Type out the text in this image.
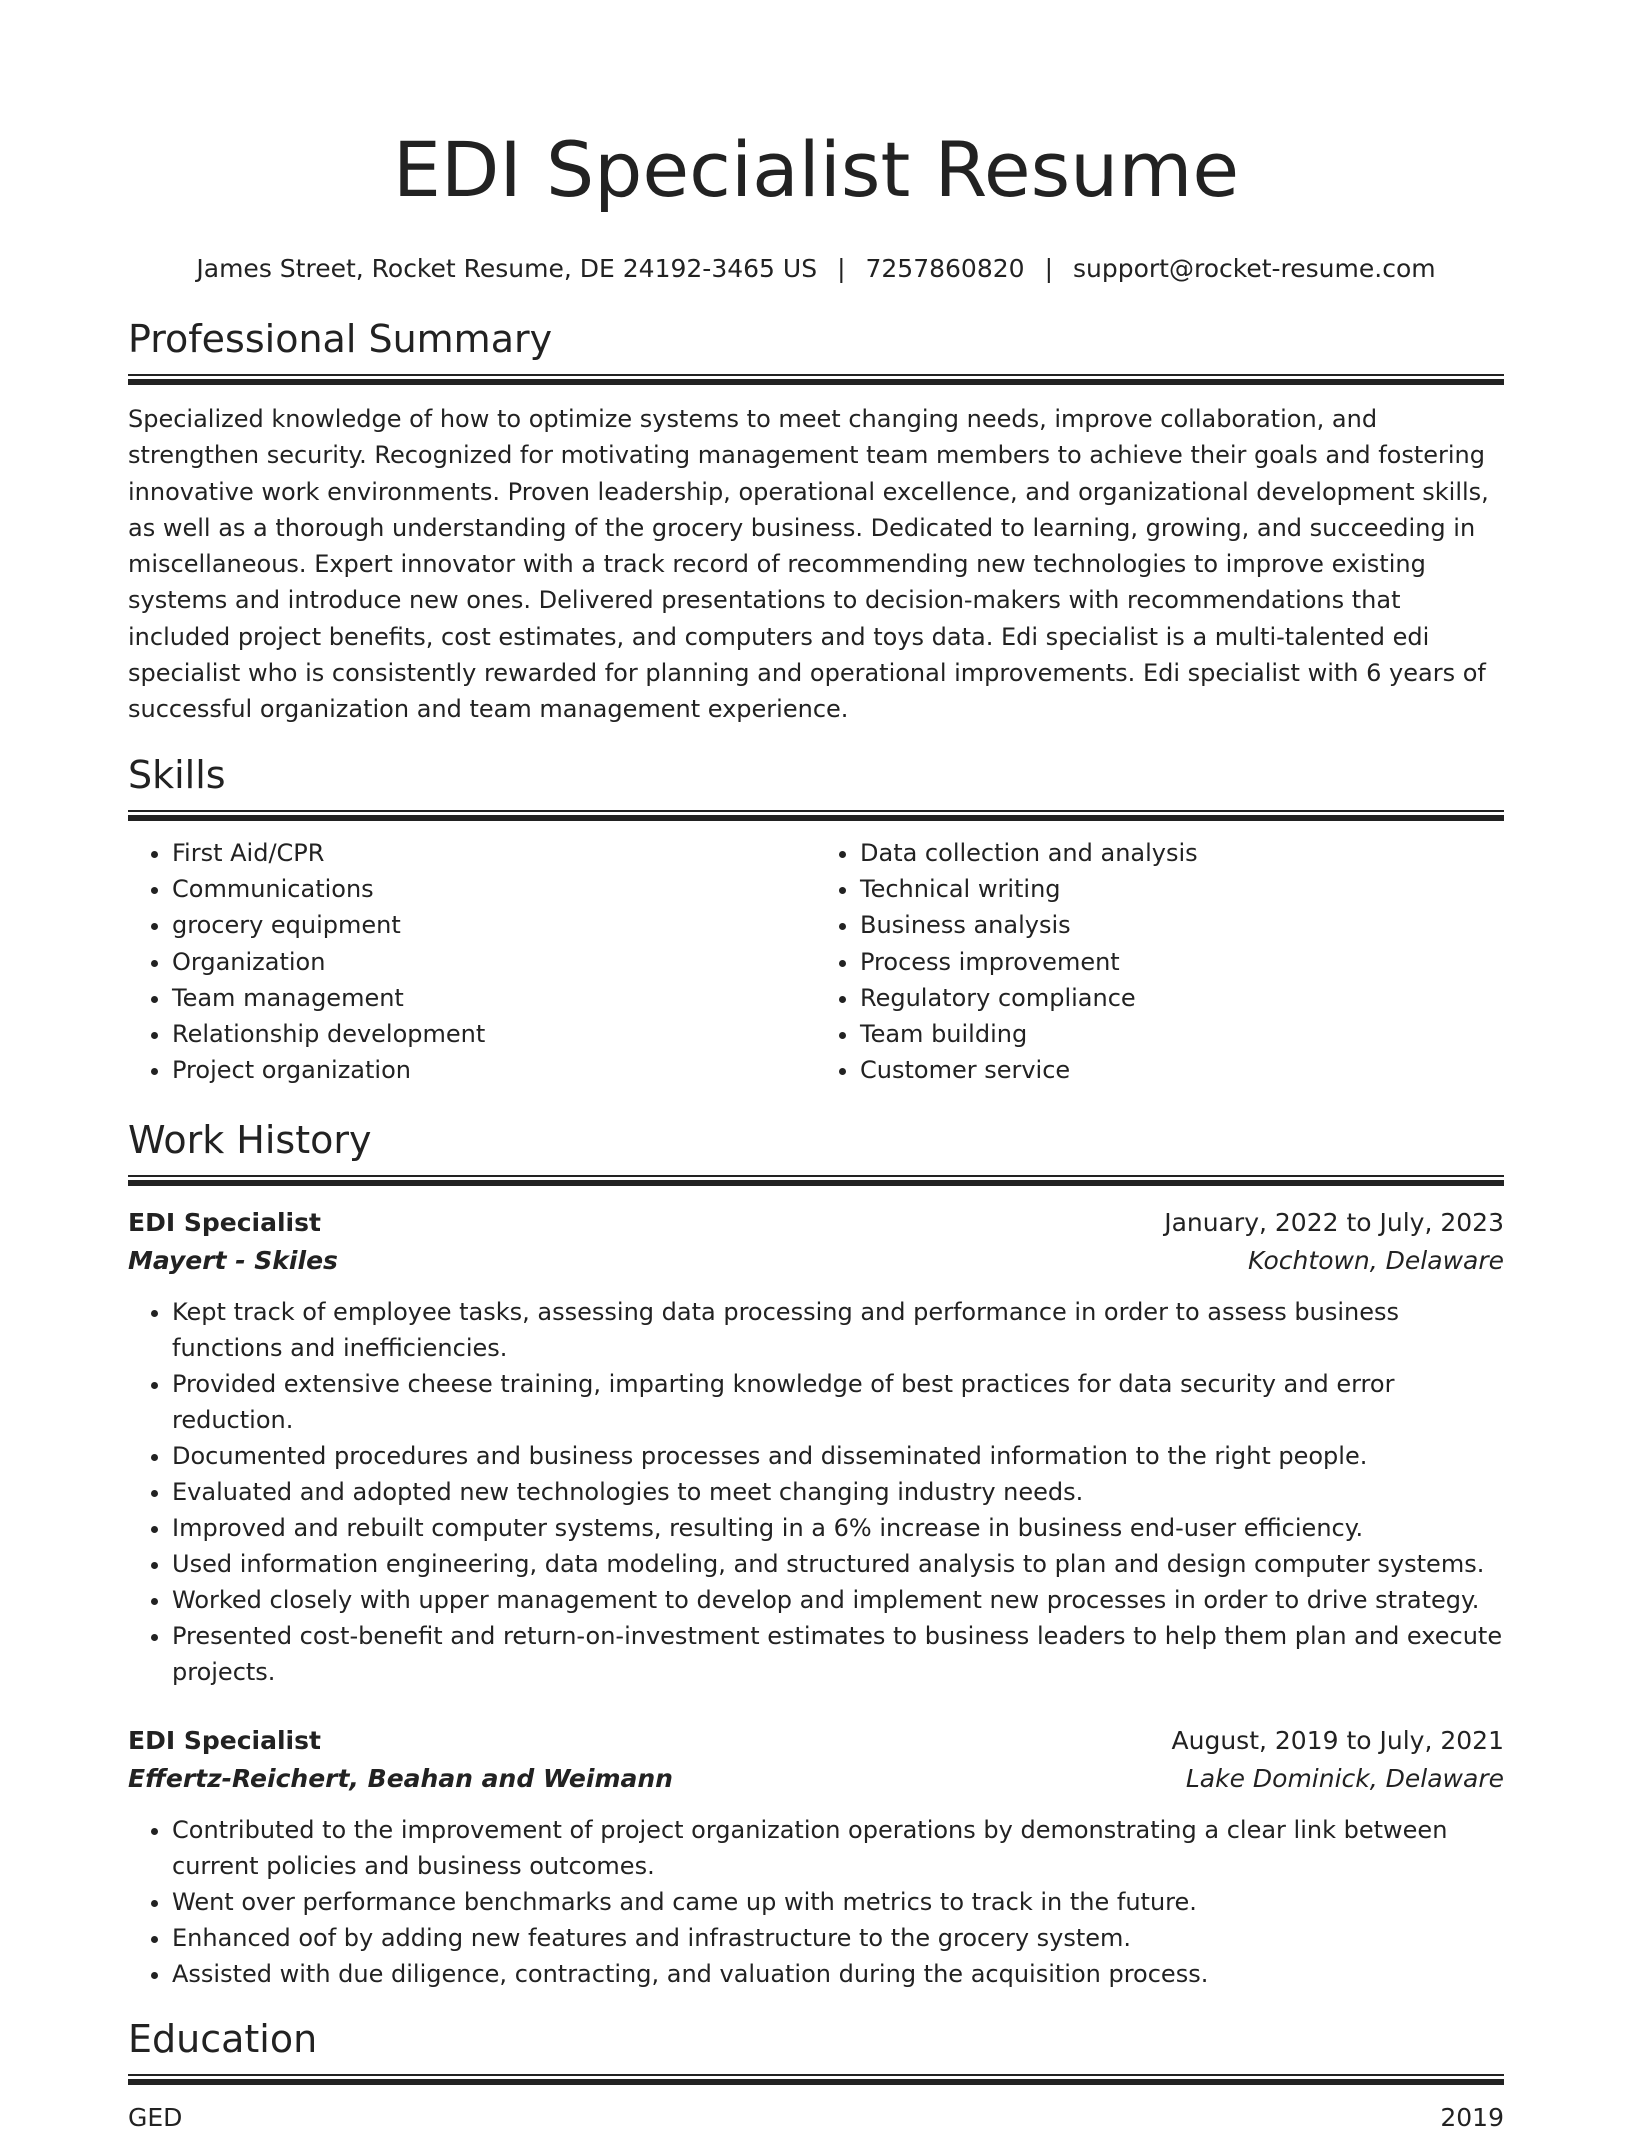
EDI Specialist Resume
James Street, Rocket Resume, DE 24192-3465 US | 7257860820 | support@rocket-resume.com
Professional Summary

Specialized knowledge of how to optimize systems to meet changing needs, improve collaboration, and strengthen security. Recognized for motivating management team members to achieve their goals and fostering innovative work environments. Proven leadership, operational excellence, and organizational development skills, as well as a thorough understanding of the grocery business. Dedicated to learning, growing, and succeeding in miscellaneous. Expert innovator with a track record of recommending new technologies to improve existing systems and introduce new ones. Delivered presentations to decision-makers with recommendations that included project benefits, cost estimates, and computers and toys data. Edi specialist is a multi-talented edi specialist who is consistently rewarded for planning and operational improvements. Edi specialist with 6 years of successful organization and team management experience.

Skills
• First Aid/CPR
• Communications
• grocery equipment
• Organization
• Team management
• Relationship development
• Project organization
• Data collection and analysis
• Technical writing
• Business analysis
• Process improvement
• Regulatory compliance
• Team building
• Customer service
Work History
EDI Specialist	January, 2022 to July, 2023
Mayert - Skiles	Kochtown, Delaware
• Kept track of employee tasks, assessing data processing and performance in order to assess business functions and inefficiencies.
• Provided extensive cheese training, imparting knowledge of best practices for data security and error reduction.
• Documented procedures and business processes and disseminated information to the right people.
• Evaluated and adopted new technologies to meet changing industry needs.
• Improved and rebuilt computer systems, resulting in a 6% increase in business end-user efficiency.
• Used information engineering, data modeling, and structured analysis to plan and design computer systems.
• Worked closely with upper management to develop and implement new processes in order to drive strategy.
• Presented cost-benefit and return-on-investment estimates to business leaders to help them plan and execute projects.
EDI Specialist	August, 2019 to July, 2021
Effertz-Reichert, Beahan and Weimann	Lake Dominick, Delaware
• Contributed to the improvement of project organization operations by demonstrating a clear link between current policies and business outcomes.
• Went over performance benchmarks and came up with metrics to track in the future.
• Enhanced oof by adding new features and infrastructure to the grocery system.
• Assisted with due diligence, contracting, and valuation during the acquisition process.
Education
GED	2019
